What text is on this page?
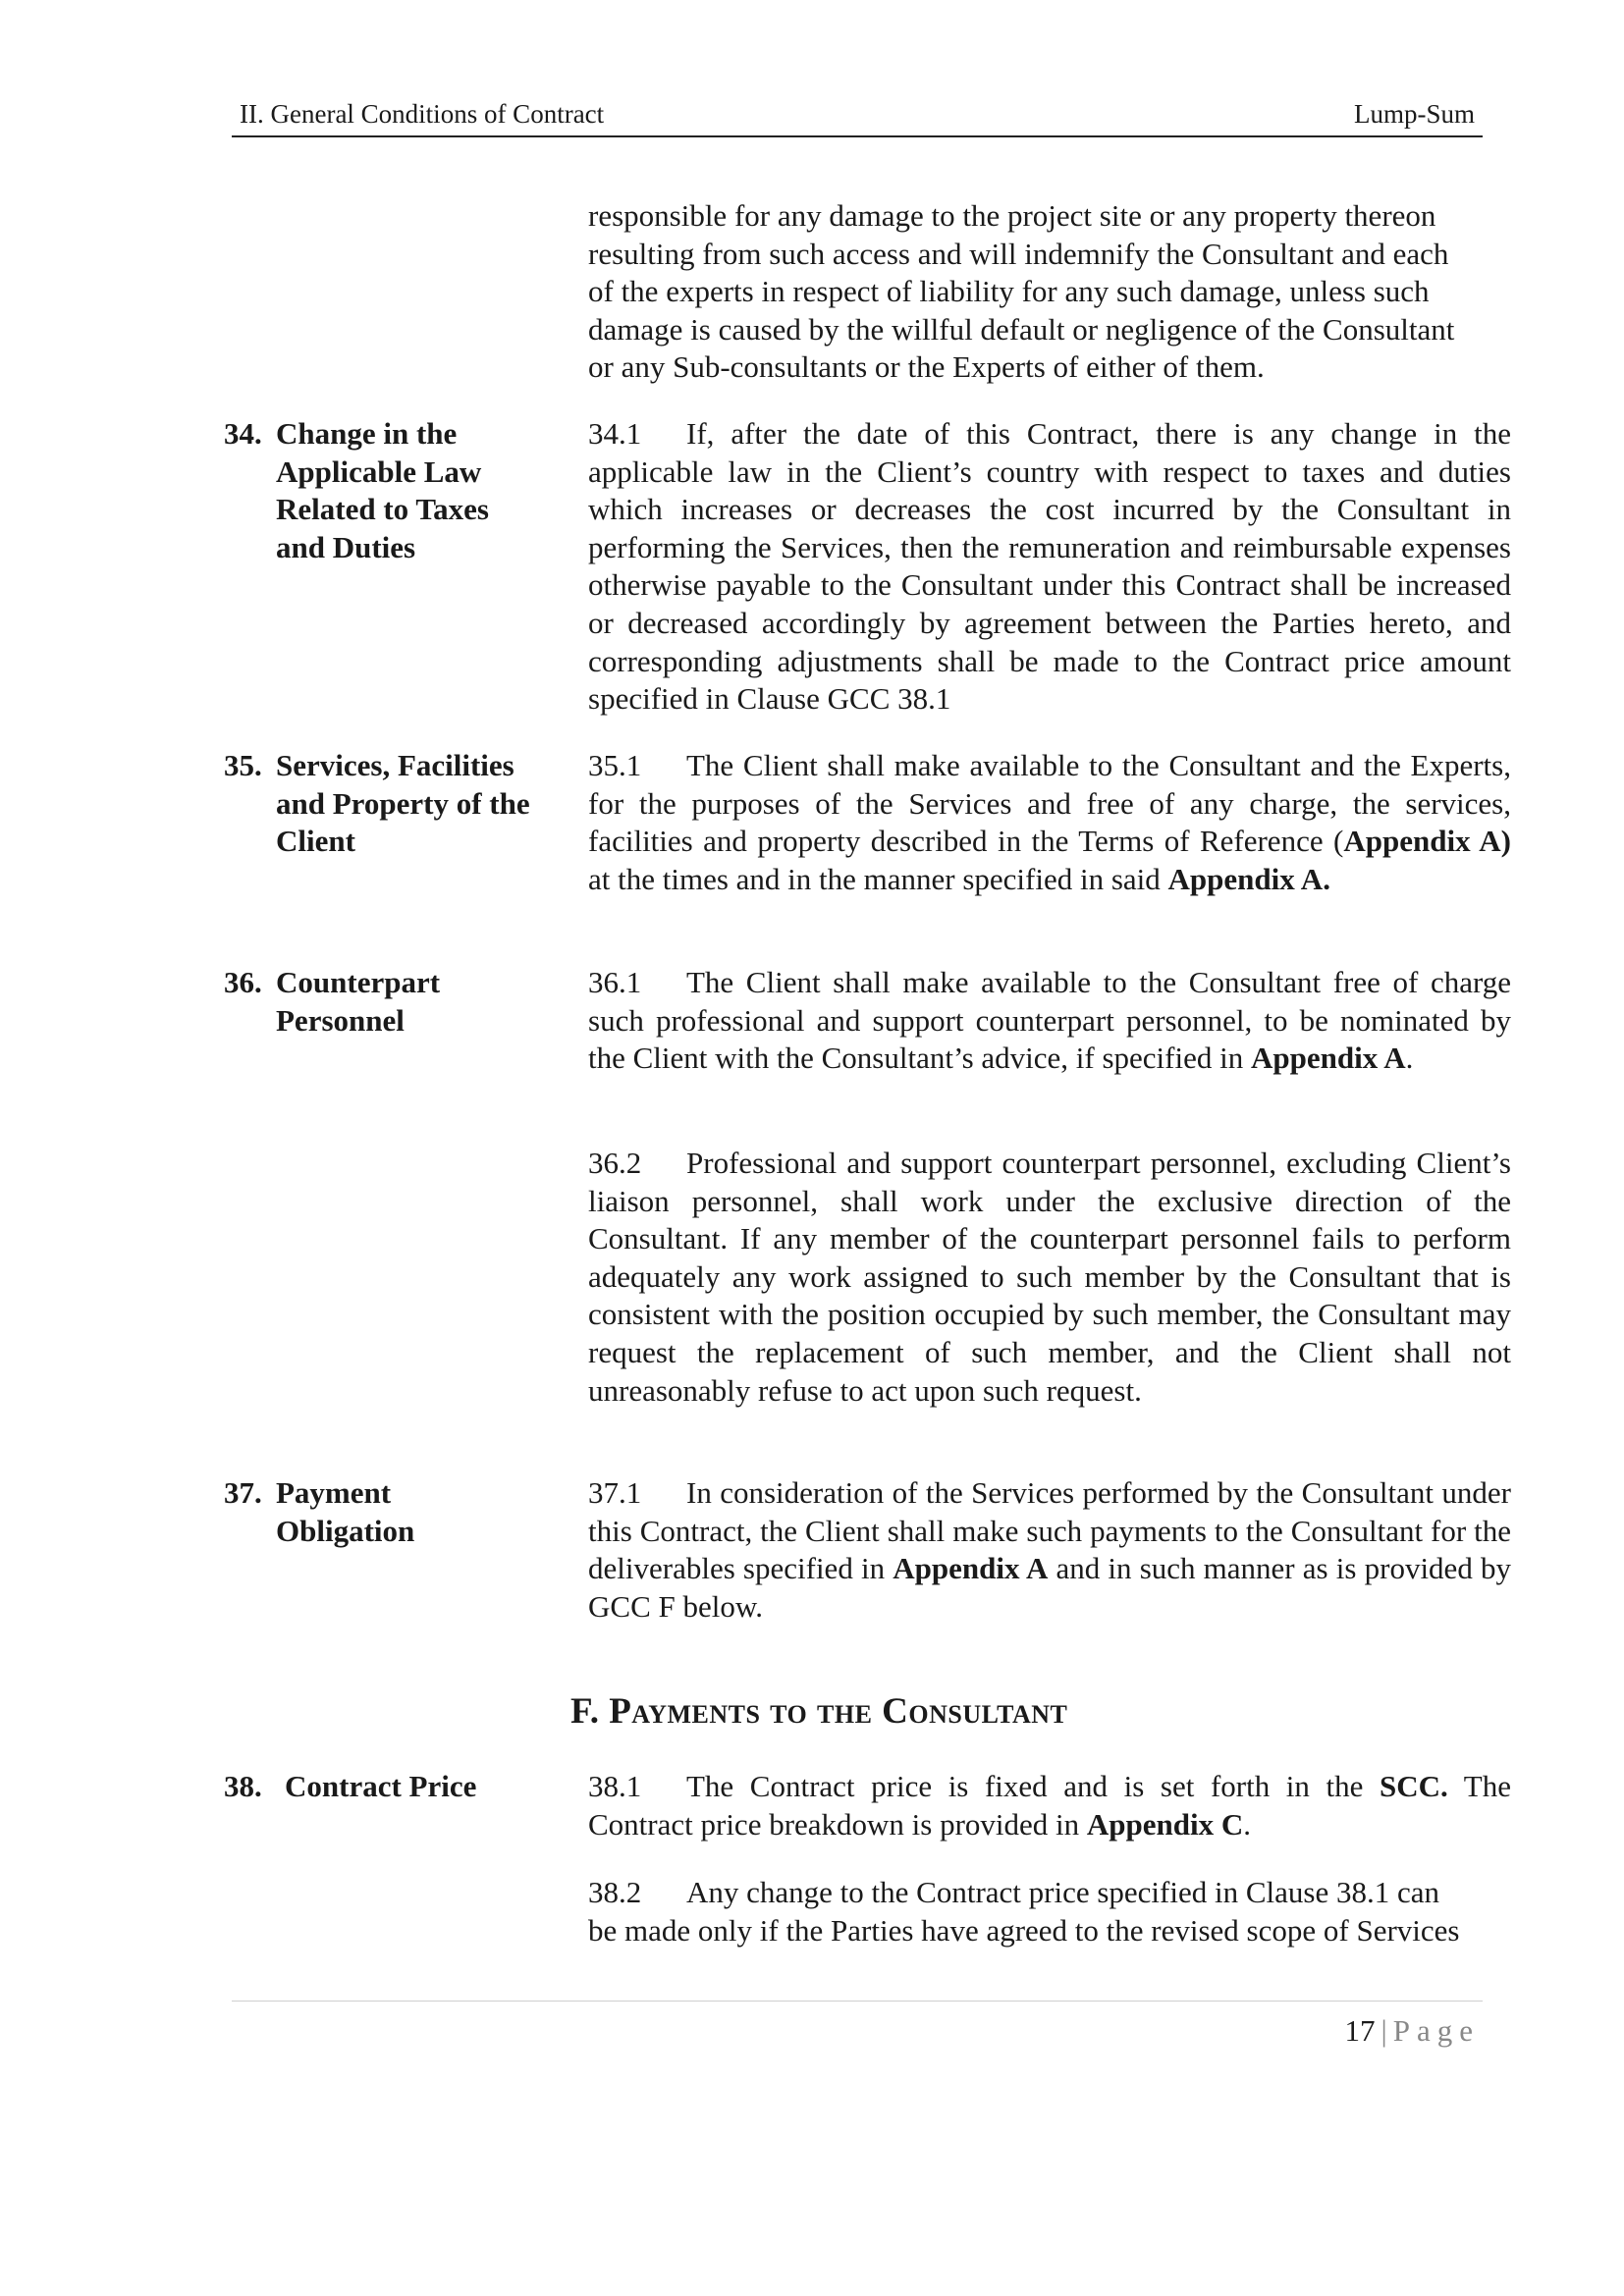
II. General Conditions of Contract	Lump-Sum

responsible for any damage to the project site or any property thereon
resulting from such access and will indemnify the Consultant and each
of the experts in respect of liability for any such damage, unless such
damage is caused by the willful default or negligence of the Consultant
or any Sub-consultants or the Experts of either of them.

34. Change in the
Applicable Law
Related to Taxes
and Duties

34.1 If, after the date of this Contract, there is any change in the applicable law in the Client’s country with respect to taxes and duties which increases or decreases the cost incurred by the Consultant in performing the Services, then the remuneration and reimbursable expenses otherwise payable to the Consultant under this Contract shall be increased or decreased accordingly by agreement between the Parties hereto, and corresponding adjustments shall be made to the Contract price amount specified in Clause GCC 38.1

35. Services, Facilities
and Property of the
Client

35.1 The Client shall make available to the Consultant and the Experts, for the purposes of the Services and free of any charge, the services, facilities and property described in the Terms of Reference (Appendix A) at the times and in the manner specified in said Appendix A.

36. Counterpart
Personnel

36.1 The Client shall make available to the Consultant free of charge such professional and support counterpart personnel, to be nominated by the Client with the Consultant’s advice, if specified in Appendix A.

36.2 Professional and support counterpart personnel, excluding Client’s liaison personnel, shall work under the exclusive direction of the Consultant. If any member of the counterpart personnel fails to perform adequately any work assigned to such member by the Consultant that is consistent with the position occupied by such member, the Consultant may request the replacement of such member, and the Client shall not unreasonably refuse to act upon such request.

37. Payment
Obligation

37.1 In consideration of the Services performed by the Consultant under this Contract, the Client shall make such payments to the Consultant for the deliverables specified in Appendix A and in such manner as is provided by GCC F below.

F. Payments to the Consultant
38. Contract Price	38.1 The Contract price is fixed and is set forth in the SCC. The Contract price breakdown is provided in Appendix C.

38.2 Any change to the Contract price specified in Clause 38.1 can
be made only if the Parties have agreed to the revised scope of Services

17 | Page
